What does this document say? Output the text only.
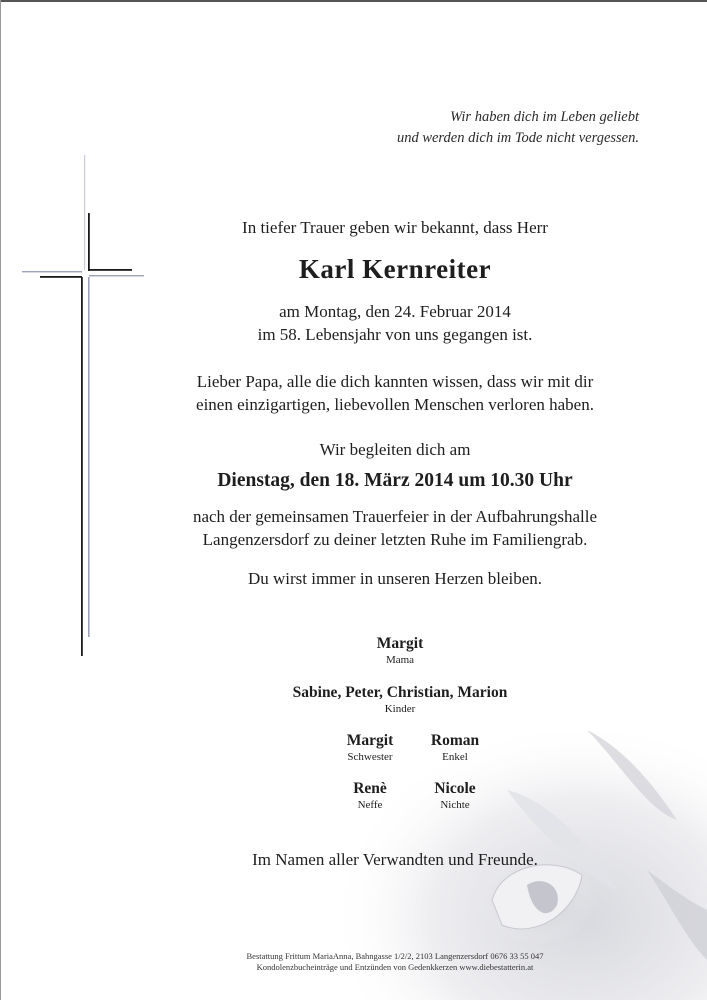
Wir haben dich im Leben geliebt
und werden dich im Tode nicht vergessen.
In tiefer Trauer geben wir bekannt, dass Herr
Karl Kernreiter
am Montag, den 24. Februar 2014
im 58. Lebensjahr von uns gegangen ist.
Lieber Papa, alle die dich kannten wissen, dass wir mit dir
einen einzigartigen, liebevollen Menschen verloren haben.
Wir begleiten dich am
Dienstag, den 18. März 2014 um 10.30 Uhr
nach der gemeinsamen Trauerfeier in der Aufbahrungshalle
Langenzersdorf zu deiner letzten Ruhe im Familiengrab.
Du wirst immer in unseren Herzen bleiben.
Margit
Mama
Sabine, Peter, Christian, Marion
Kinder
Margit
Schwester
Roman
Enkel
Renè
Neffe
Nicole
Nichte
Im Namen aller Verwandten und Freunde.
Bestattung Frittum MariaAnna, Bahngasse 1/2/2, 2103 Langenzersdorf 0676 33 55 047
Kondolenzbucheinträge und Entzünden von Gedenkkerzen www.diebestatterin.at
